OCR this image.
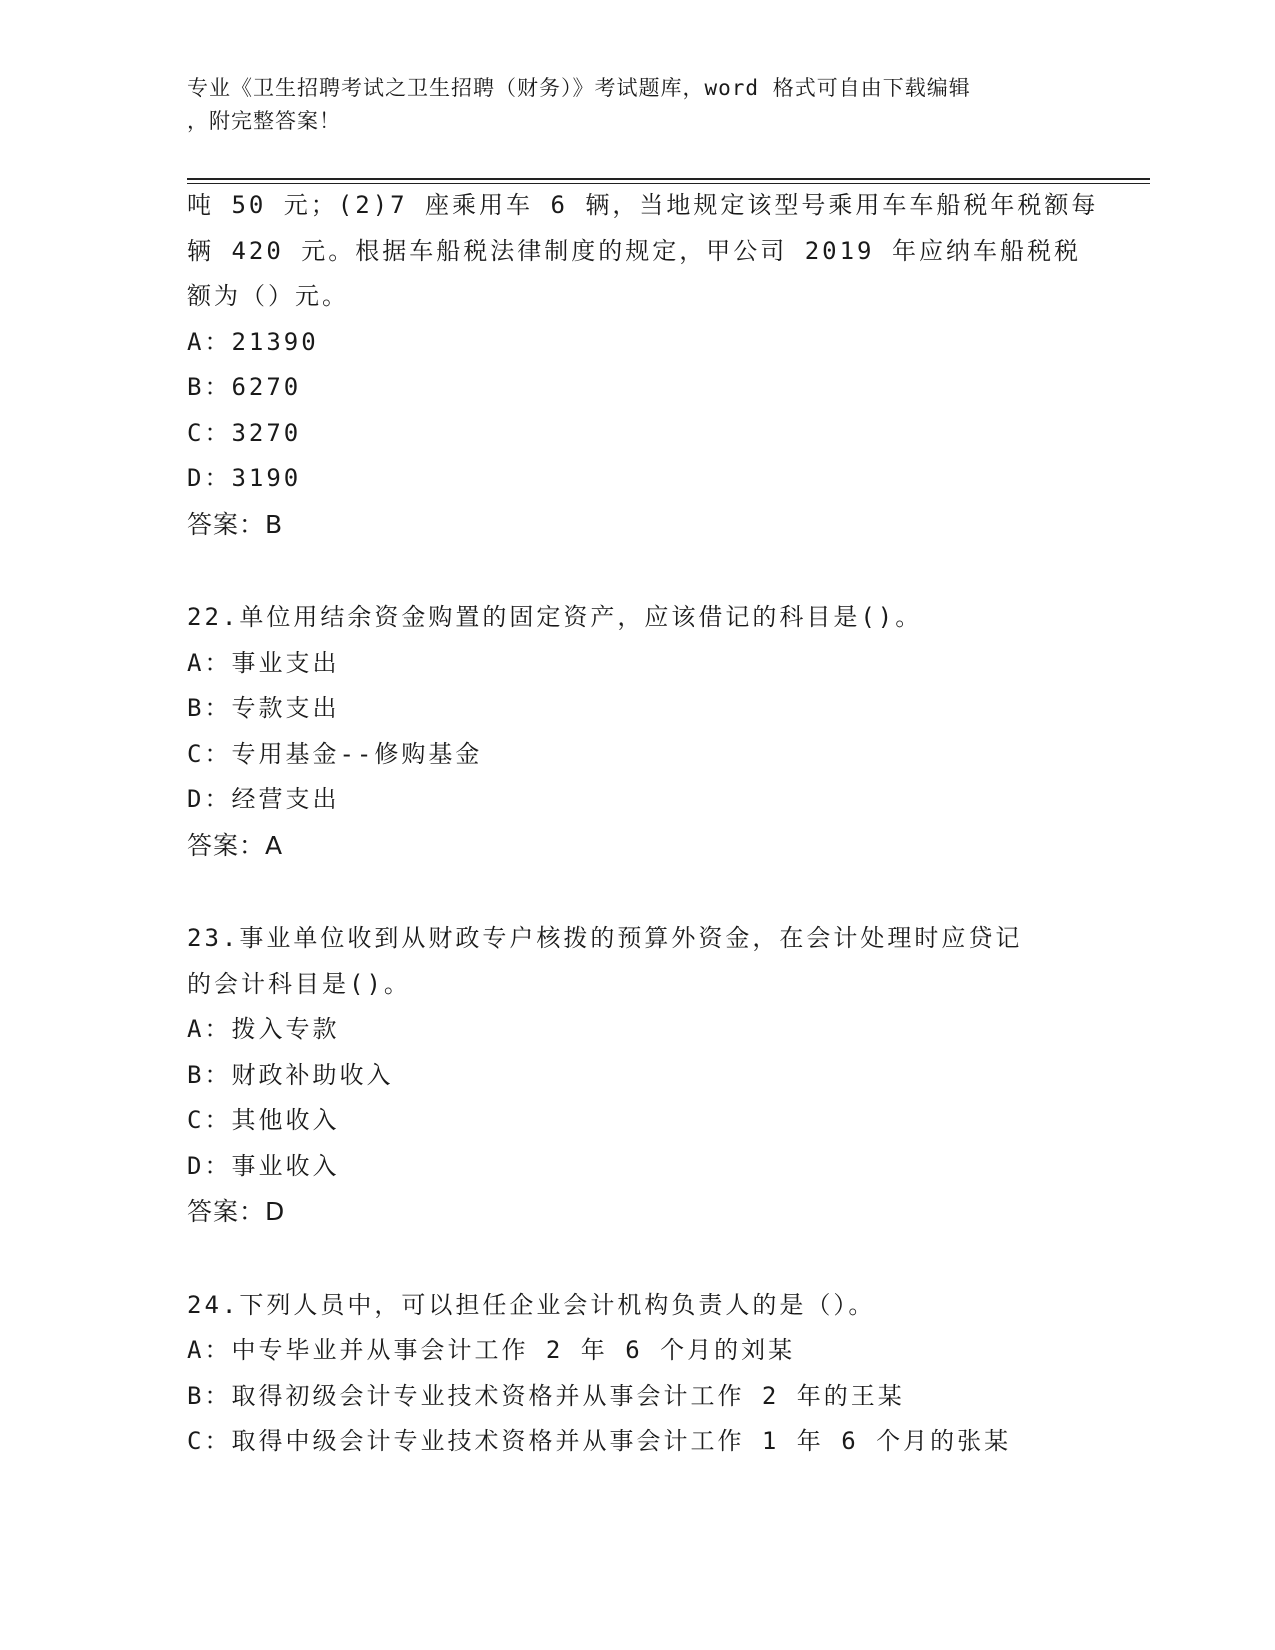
专业《卫生招聘考试之卫生招聘（财务）》考试题库，word 格式可自由下载编辑
，附完整答案！
吨 50 元；(2)7 座乘用车 6 辆，当地规定该型号乘用车车船税年税额每
辆 420 元。根据车船税法律制度的规定，甲公司 2019 年应纳车船税税
额为（）元。
A：21390
B：6270
C：3270
D：3190
答案：B
22.单位用结余资金购置的固定资产，应该借记的科目是()。
A：事业支出
B：专款支出
C：专用基金--修购基金
D：经营支出
答案：A
23.事业单位收到从财政专户核拨的预算外资金，在会计处理时应贷记
的会计科目是()。
A：拨入专款
B：财政补助收入
C：其他收入
D：事业收入
答案：D
24.下列人员中，可以担任企业会计机构负责人的是（）。
A：中专毕业并从事会计工作 2 年 6 个月的刘某
B：取得初级会计专业技术资格并从事会计工作 2 年的王某
C：取得中级会计专业技术资格并从事会计工作 1 年 6 个月的张某
